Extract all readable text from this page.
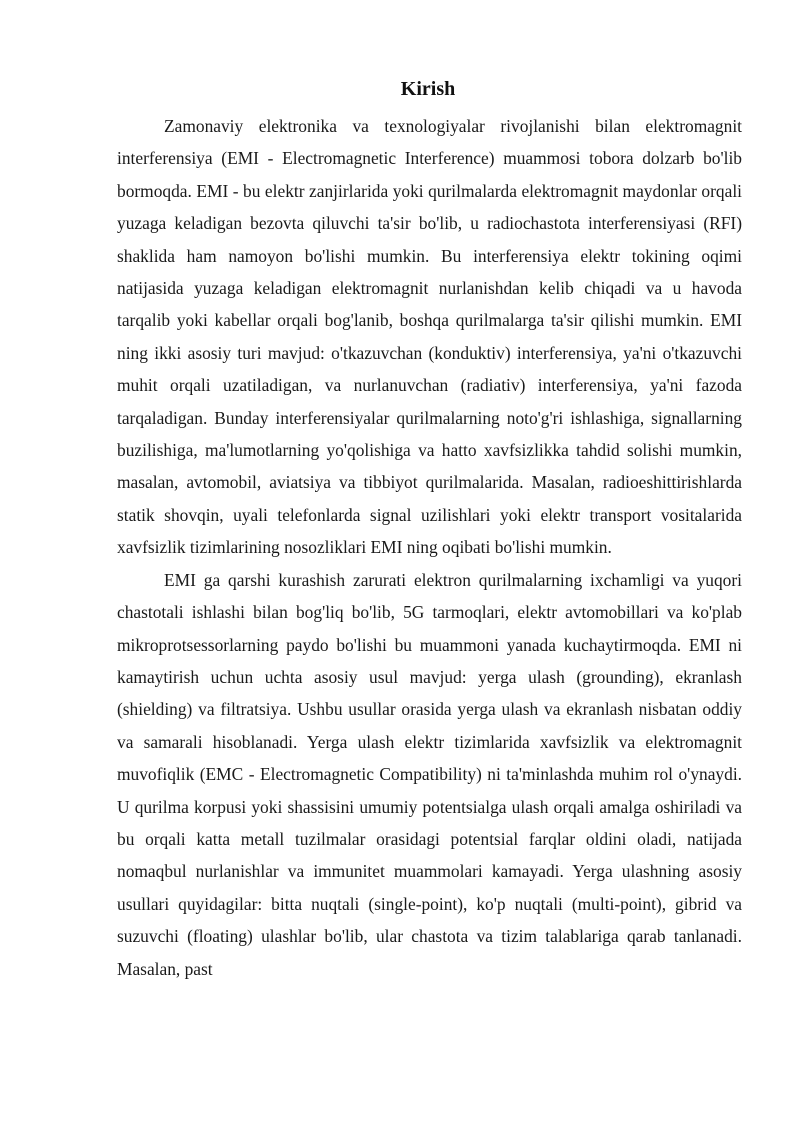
Kirish

Zamonaviy elektronika va texnologiyalar rivojlanishi bilan elektromagnit interferensiya (EMI - Electromagnetic Interference) muammosi tobora dolzarb bo'lib bormoqda. EMI - bu elektr zanjirlarida yoki qurilmalarda elektromagnit maydonlar orqali yuzaga keladigan bezovta qiluvchi ta'sir bo'lib, u radiochastota interferensiyasi (RFI) shaklida ham namoyon bo'lishi mumkin. Bu interferensiya elektr tokining oqimi natijasida yuzaga keladigan elektromagnit nurlanishdan kelib chiqadi va u havoda tarqalib yoki kabellar orqali bog'lanib, boshqa qurilmalarga ta'sir qilishi mumkin. EMI ning ikki asosiy turi mavjud: o'tkazuvchan (konduktiv) interferensiya, ya'ni o'tkazuvchi muhit orqali uzatiladigan, va nurlanuvchan (radiativ) interferensiya, ya'ni fazoda tarqaladigan. Bunday interferensiyalar qurilmalarning noto'g'ri ishlashiga, signallarning buzilishiga, ma'lumotlarning yo'qolishiga va hatto xavfsizlikka tahdid solishi mumkin, masalan, avtomobil, aviatsiya va tibbiyot qurilmalarida. Masalan, radioeshittirishlarda statik shovqin, uyali telefonlarda signal uzilishlari yoki elektr transport vositalarida xavfsizlik tizimlarining nosozliklari EMI ning oqibati bo'lishi mumkin.

EMI ga qarshi kurashish zarurati elektron qurilmalarning ixchamligi va yuqori chastotali ishlashi bilan bog'liq bo'lib, 5G tarmoqlari, elektr avtomobillari va ko'plab mikroprotsessorlarning paydo bo'lishi bu muammoni yanada kuchaytirmoqda. EMI ni kamaytirish uchun uchta asosiy usul mavjud: yerga ulash (grounding), ekranlash (shielding) va filtratsiya. Ushbu usullar orasida yerga ulash va ekranlash nisbatan oddiy va samarali hisoblanadi. Yerga ulash elektr tizimlarida xavfsizlik va elektromagnit muvofiqlik (EMC - Electromagnetic Compatibility) ni ta'minlashda muhim rol o'ynaydi. U qurilma korpusi yoki shassisini umumiy potentsialga ulash orqali amalga oshiriladi va bu orqali katta metall tuzilmalar orasidagi potentsial farqlar oldini oladi, natijada nomaqbul nurlanishlar va immunitet muammolari kamayadi. Yerga ulashning asosiy usullari quyidagilar: bitta nuqtali (single-point), ko'p nuqtali (multi-point), gibrid va suzuvchi (floating) ulashlar bo'lib, ular chastota va tizim talablariga qarab tanlanadi. Masalan, past
